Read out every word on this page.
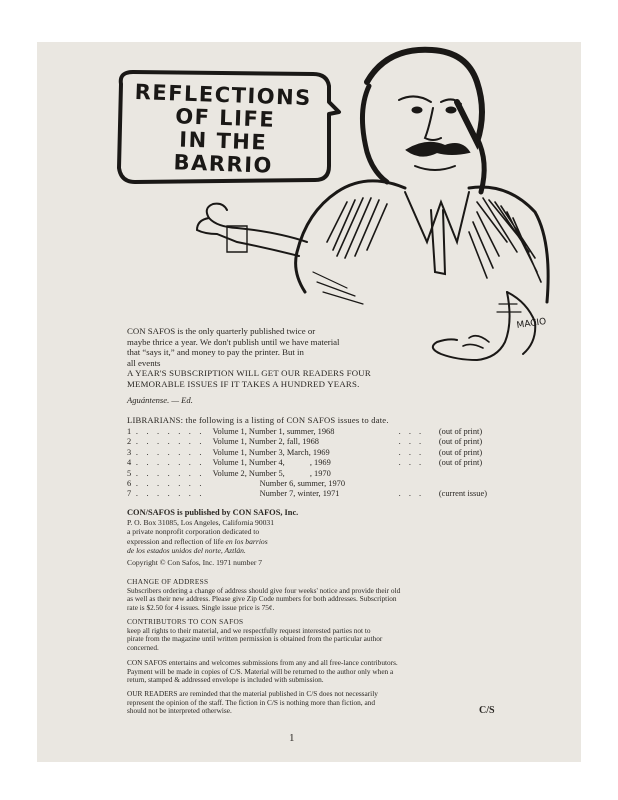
REFLECTIONS
OF LIFE
IN THE
BARRIO
MACIO

CON SAFOS is the only quarterly published twice or

maybe thrice a year. We don't publish until we have material

that “says it,” and money to pay the printer. But in

all events

A YEAR'S SUBSCRIPTION WILL GET OUR READERS FOUR

MEMORABLE ISSUES IF IT TAKES A HUNDRED YEARS.

Aguántense. — Ed.
LIBRARIANS: the following is a listing of CON SAFOS issues to date.
1	. . . . . . .	Volume 1, Number 1, summer, 1968	. . .	(out of print)
2	. . . . . . .	Volume 1, Number 2, fall, 1968	. . .	(out of print)
3	. . . . . . .	Volume 1, Number 3, March, 1969	. . .	(out of print)
4	. . . . . . .	Volume 1, Number 4,            , 1969	. . .	(out of print)
5	. . . . . . .	Volume 2, Number 5,            , 1970		
6	. . . . . . .	Number 6, summer, 1970		
7	. . . . . . .	Number 7, winter, 1971	. . .	(current issue)

CON/SAFOS is published by CON SAFOS, Inc.

P. O. Box 31085, Los Angeles, California 90031

a private nonprofit corporation dedicated to

expression and reflection of life en los barrios

de los estados unidos del norte, Aztlán.

Copyright © Con Safos, Inc. 1971 number 7

CHANGE OF ADDRESS

Subscribers ordering a change of address should give four weeks' notice and provide their old

as well as their new address. Please give Zip Code numbers for both addresses. Subscription

rate is $2.50 for 4 issues. Single issue price is 75¢.

CONTRIBUTORS TO CON SAFOS

keep all rights to their material, and we respectfully request interested parties not to

pirate from the magazine until written permission is obtained from the particular author

concerned.

CON SAFOS entertains and welcomes submissions from any and all free-lance contributors.

Payment will be made in copies of C/S. Material will be returned to the author only when a

return, stamped & addressed envelope is included with submission.

OUR READERS are reminded that the material published in C/S does not necessarily

represent the opinion of the staff. The fiction in C/S is nothing more than fiction, and

should not be interpreted otherwise.	C/S
1
